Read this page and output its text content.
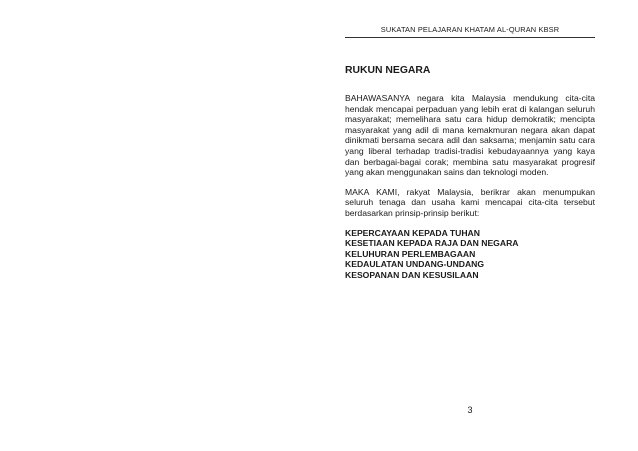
SUKATAN PELAJARAN KHATAM AL-QURAN KBSR
RUKUN NEGARA

BAHAWASANYA negara kita Malaysia mendukung cita-cita hendak mencapai perpaduan yang lebih erat di kalangan seluruh masyarakat; memelihara satu cara hidup demokratik; mencipta masyarakat yang adil di mana kemakmuran negara akan dapat dinikmati bersama secara adil dan saksama; menjamin satu cara yang liberal terhadap tradisi-tradisi kebudayaannya yang kaya dan berbagai-bagai corak; membina satu masyarakat progresif yang akan menggunakan sains dan teknologi moden.

MAKA KAMI, rakyat Malaysia, berikrar akan menumpukan seluruh tenaga dan usaha kami mencapai cita-cita tersebut berdasarkan prinsip-prinsip berikut:

KEPERCAYAAN KEPADA TUHAN
KESETIAAN KEPADA RAJA DAN NEGARA
KELUHURAN PERLEMBAGAAN
KEDAULATAN UNDANG-UNDANG
KESOPANAN DAN KESUSILAAN
3
